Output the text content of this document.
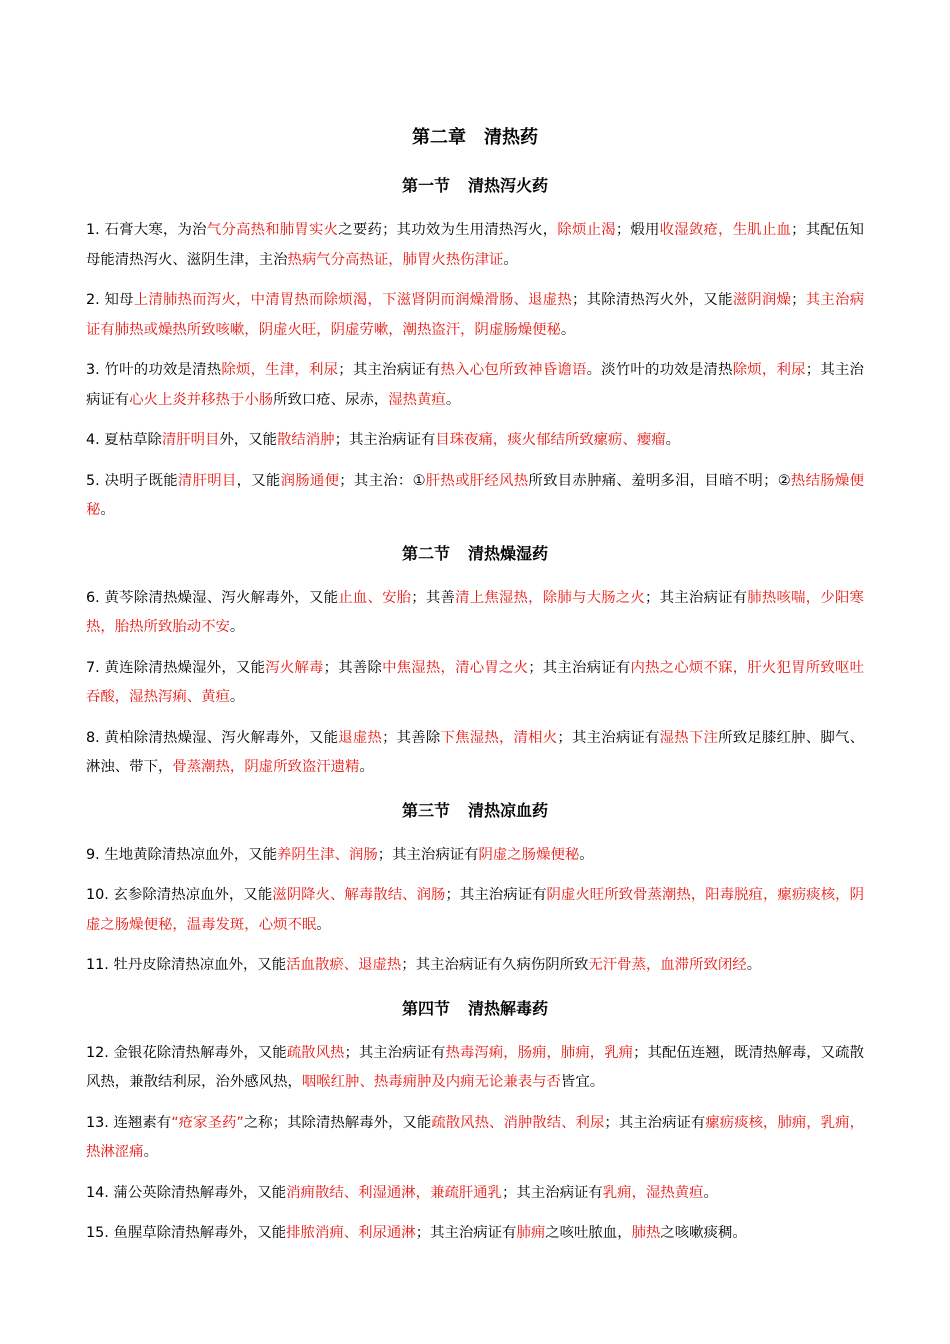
第二章 清热药
第一节 清热泻火药

1. 石膏大寒，为治气分高热和肺胃实火之要药；其功效为生用清热泻火，除烦止渴；煅用收湿敛疮，生肌止血；其配伍知母能清热泻火、滋阴生津，主治热病气分高热证，肺胃火热伤津证。

2. 知母上清肺热而泻火，中清胃热而除烦渴，下滋肾阴而润燥滑肠、退虚热；其除清热泻火外，又能滋阴润燥；其主治病证有肺热或燥热所致咳嗽，阴虚火旺，阴虚劳嗽，潮热盗汗，阴虚肠燥便秘。

3. 竹叶的功效是清热除烦，生津，利尿；其主治病证有热入心包所致神昏谵语。淡竹叶的功效是清热除烦，利尿；其主治病证有心火上炎并移热于小肠所致口疮、尿赤，湿热黄疸。

4. 夏枯草除清肝明目外，又能散结消肿；其主治病证有目珠夜痛，痰火郁结所致瘰疬、瘿瘤。

5. 决明子既能清肝明目，又能润肠通便；其主治：①肝热或肝经风热所致目赤肿痛、羞明多泪，目暗不明；②热结肠燥便秘。

第二节 清热燥湿药

6. 黄芩除清热燥湿、泻火解毒外，又能止血、安胎；其善清上焦湿热，除肺与大肠之火；其主治病证有肺热咳喘，少阳寒热，胎热所致胎动不安。

7. 黄连除清热燥湿外，又能泻火解毒；其善除中焦湿热，清心胃之火；其主治病证有内热之心烦不寐，肝火犯胃所致呕吐吞酸，湿热泻痢、黄疸。

8. 黄柏除清热燥湿、泻火解毒外，又能退虚热；其善除下焦湿热，清相火；其主治病证有湿热下注所致足膝红肿、脚气、淋浊、带下，骨蒸潮热，阴虚所致盗汗遗精。

第三节 清热凉血药

9. 生地黄除清热凉血外，又能养阴生津、润肠；其主治病证有阴虚之肠燥便秘。

10. 玄参除清热凉血外，又能滋阴降火、解毒散结、润肠；其主治病证有阴虚火旺所致骨蒸潮热，阳毒脱疽，瘰疬痰核，阴虚之肠燥便秘，温毒发斑，心烦不眠。

11. 牡丹皮除清热凉血外，又能活血散瘀、退虚热；其主治病证有久病伤阴所致无汗骨蒸，血滞所致闭经。

第四节 清热解毒药

12. 金银花除清热解毒外，又能疏散风热；其主治病证有热毒泻痢，肠痈，肺痈，乳痈；其配伍连翘，既清热解毒，又疏散风热，兼散结利尿，治外感风热，咽喉红肿、热毒痈肿及内痈无论兼表与否皆宜。

13. 连翘素有“疮家圣药”之称；其除清热解毒外，又能疏散风热、消肿散结、利尿；其主治病证有瘰疬痰核，肺痈，乳痈，热淋涩痛。

14. 蒲公英除清热解毒外，又能消痈散结、利湿通淋，兼疏肝通乳；其主治病证有乳痈，湿热黄疸。

15. 鱼腥草除清热解毒外，又能排脓消痈、利尿通淋；其主治病证有肺痈之咳吐脓血，肺热之咳嗽痰稠。
